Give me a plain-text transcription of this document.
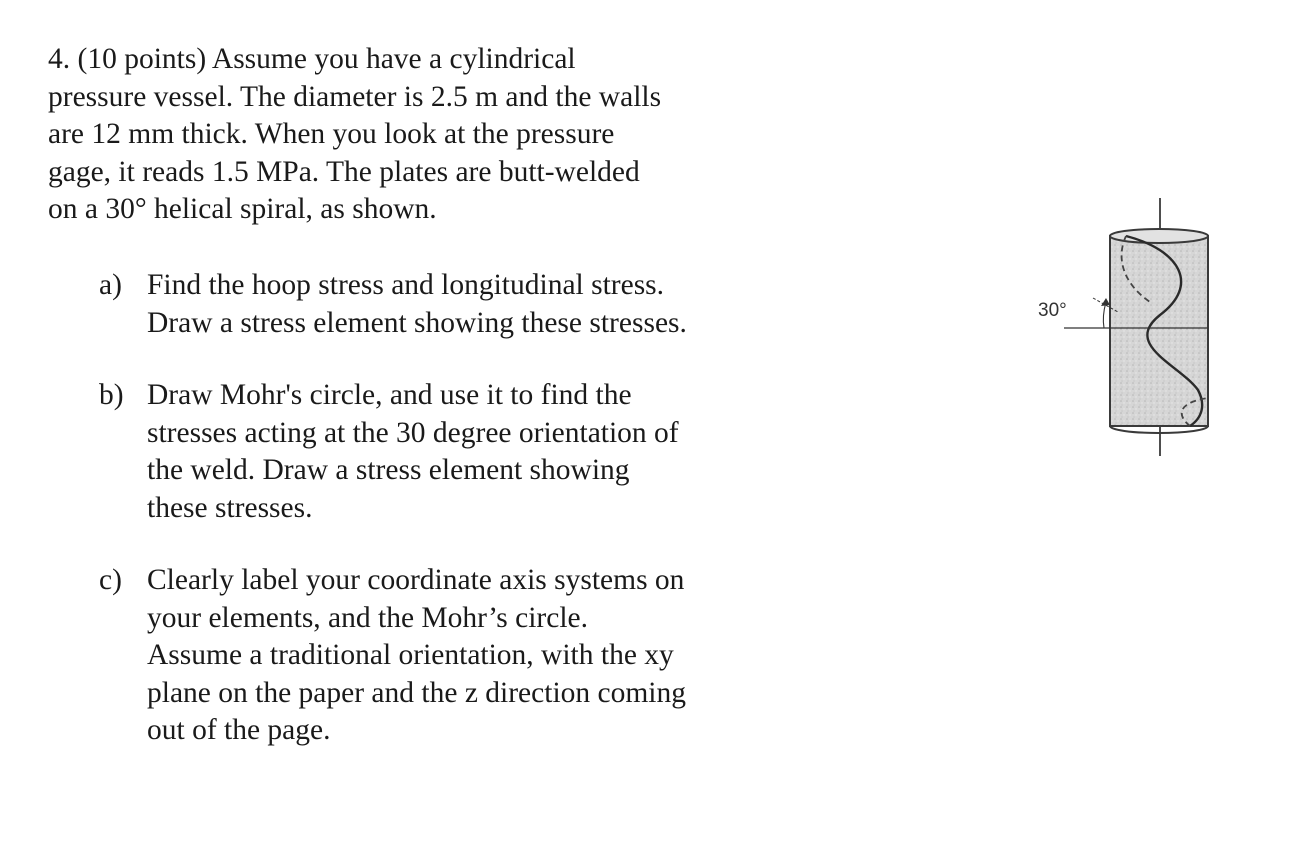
4. (10 points) Assume you have a cylindrical
pressure vessel. The diameter is 2.5 m and the walls
are 12 mm thick. When you look at the pressure
gage, it reads 1.5 MPa. The plates are butt-welded
on a 30° helical spiral, as shown.
a) Find the hoop stress and longitudinal stress.
Draw a stress element showing these stresses.
b) Draw Mohr's circle, and use it to find the
stresses acting at the 30 degree orientation of
the weld. Draw a stress element showing
these stresses.
c) Clearly label your coordinate axis systems on
your elements, and the Mohr’s circle.
Assume a traditional orientation, with the xy
plane on the paper and the z direction coming
out of the page.
30°
